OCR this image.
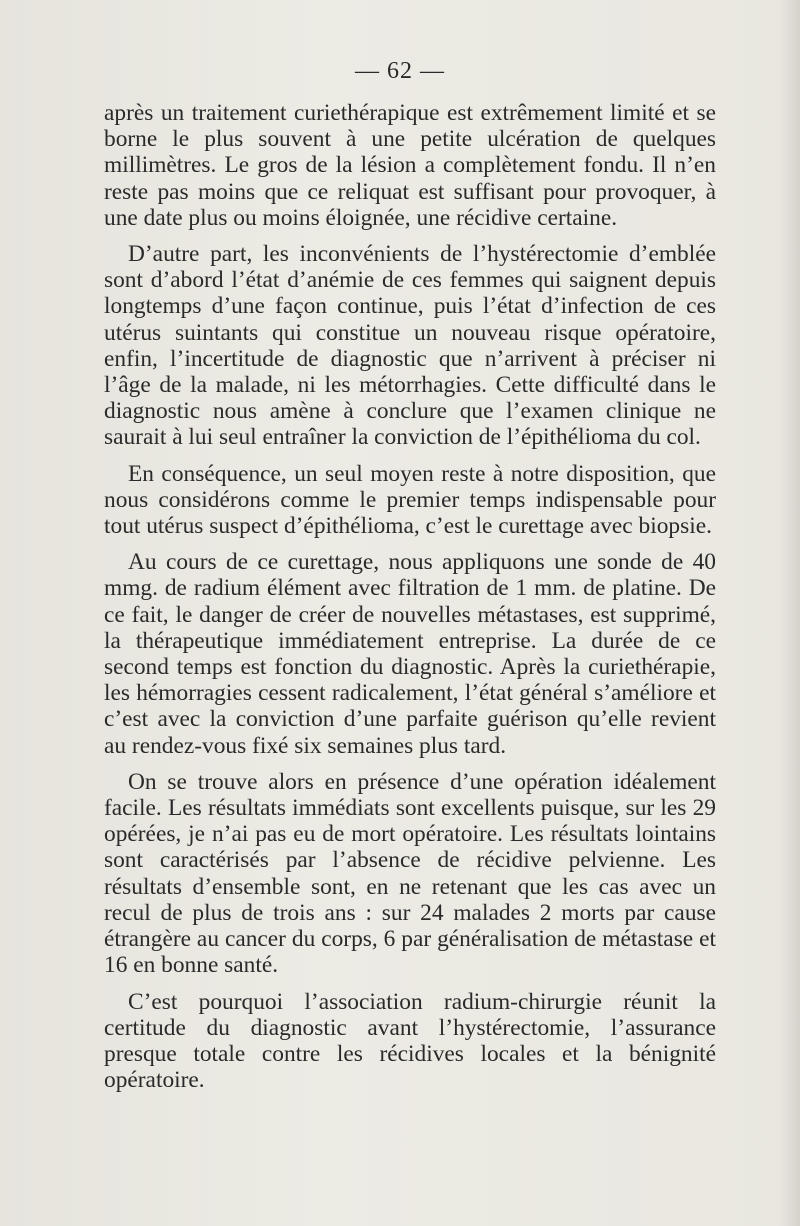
— 62 —

après un traitement curiethérapique est extrêmement limité et se borne le plus souvent à une petite ulcération de quelques millimètres. Le gros de la lésion a complètement fondu. Il n’en reste pas moins que ce reliquat est suffisant pour provoquer, à une date plus ou moins éloignée, une récidive certaine.

D’autre part, les inconvénients de l’hystérectomie d’emblée sont d’abord l’état d’anémie de ces femmes qui saignent depuis longtemps d’une façon continue, puis l’état d’infection de ces utérus suintants qui constitue un nouveau risque opératoire, enfin, l’incertitude de diagnostic que n’arrivent à préciser ni l’âge de la malade, ni les métorrhagies. Cette difficulté dans le diagnostic nous amène à conclure que l’examen clinique ne saurait à lui seul entraîner la conviction de l’épithélioma du col.

En conséquence, un seul moyen reste à notre disposition, que nous considérons comme le premier temps indispensable pour tout utérus suspect d’épithélioma, c’est le curettage avec biopsie.

Au cours de ce curettage, nous appliquons une sonde de 40 mmg. de radium élément avec filtration de 1 mm. de platine. De ce fait, le danger de créer de nouvelles métastases, est supprimé, la thérapeutique immédiatement entreprise. La durée de ce second temps est fonction du diagnostic. Après la curiethérapie, les hémorragies cessent radicalement, l’état général s’améliore et c’est avec la conviction d’une parfaite guérison qu’elle revient au rendez-vous fixé six semaines plus tard.

On se trouve alors en présence d’une opération idéalement facile. Les résultats immédiats sont excellents puisque, sur les 29 opérées, je n’ai pas eu de mort opératoire. Les résultats lointains sont caractérisés par l’absence de récidive pelvienne. Les résultats d’ensemble sont, en ne retenant que les cas avec un recul de plus de trois ans : sur 24 malades 2 morts par cause étrangère au cancer du corps, 6 par généralisation de métastase et 16 en bonne santé.

C’est pourquoi l’association radium-chirurgie réunit la certitude du diagnostic avant l’hystérectomie, l’assurance presque totale contre les récidives locales et la bénignité opératoire.
